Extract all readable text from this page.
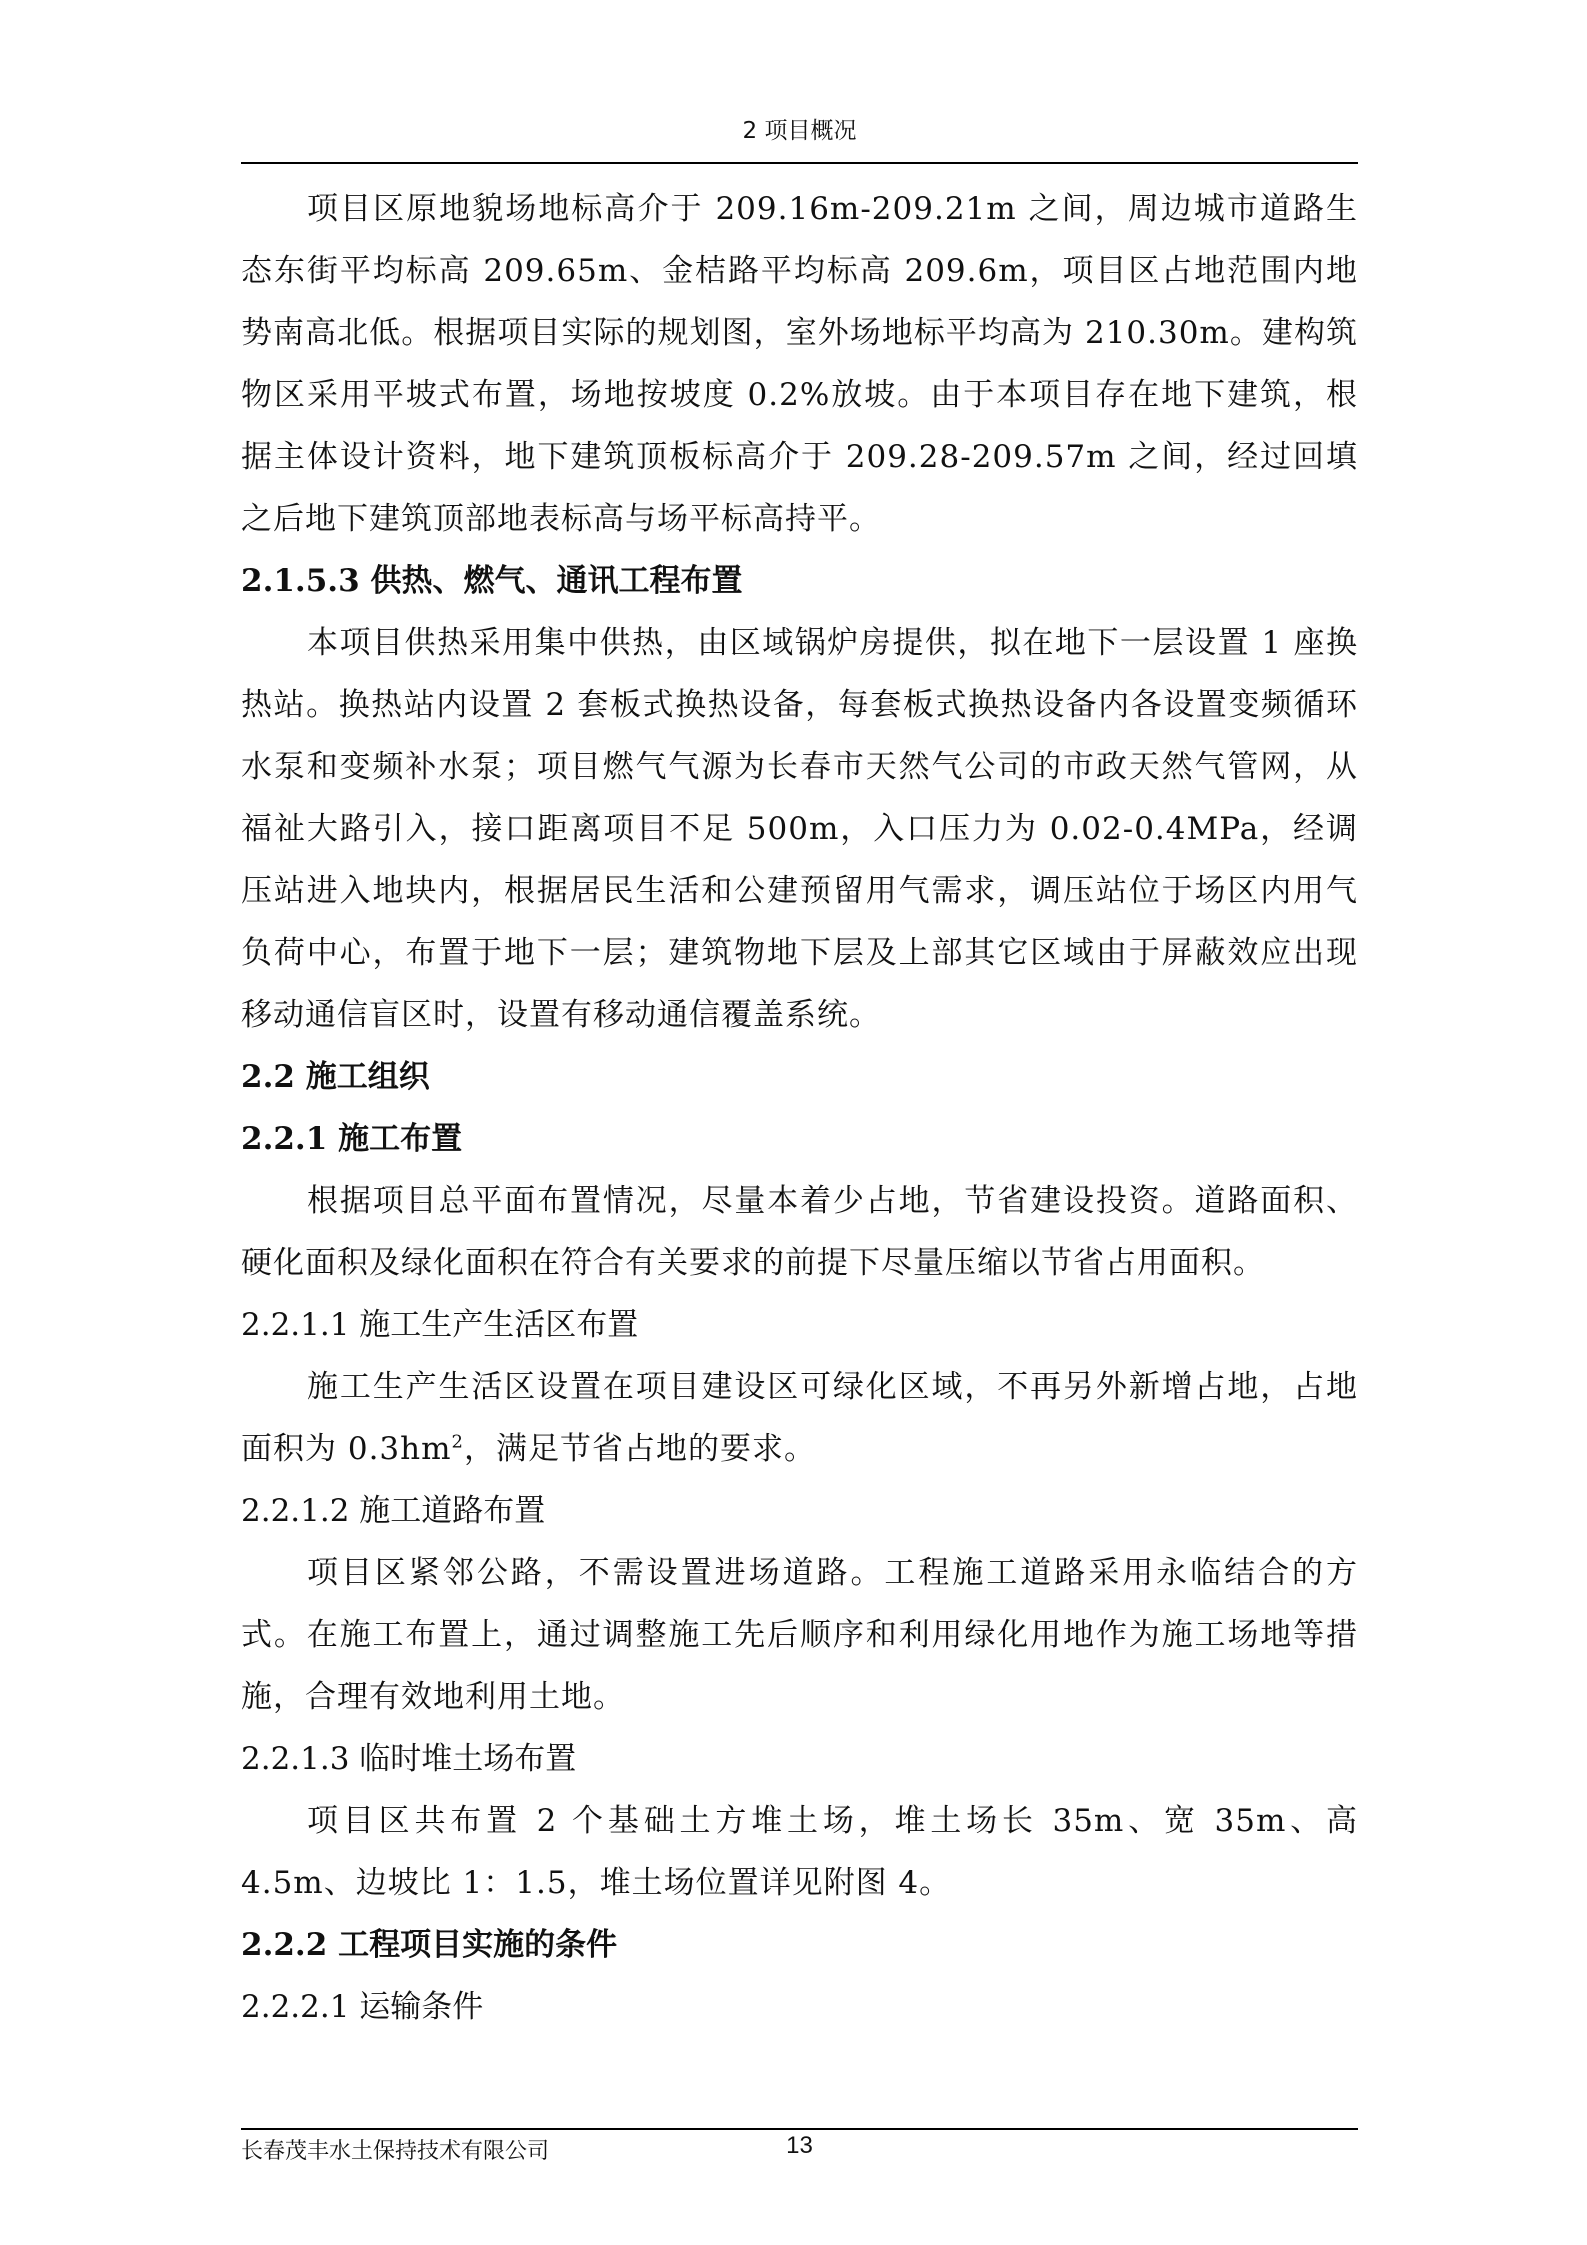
2 项目概况

项目区原地貌场地标高介于 209.16m-209.21m 之间，周边城市道路生态东街平均标高 209.65m、金桔路平均标高 209.6m，项目区占地范围内地势南高北低。根据项目实际的规划图，室外场地标平均高为 210.30m。建构筑物区采用平坡式布置，场地按坡度 0.2%放坡。由于本项目存在地下建筑，根据主体设计资料，地下建筑顶板标高介于 209.28-209.57m 之间，经过回填之后地下建筑顶部地表标高与场平标高持平。

2.1.5.3 供热、燃气、通讯工程布置

本项目供热采用集中供热，由区域锅炉房提供，拟在地下一层设置 1 座换热站。换热站内设置 2 套板式换热设备，每套板式换热设备内各设置变频循环水泵和变频补水泵；项目燃气气源为长春市天然气公司的市政天然气管网，从福祉大路引入，接口距离项目不足 500m，入口压力为 0.02-0.4MPa，经调压站进入地块内，根据居民生活和公建预留用气需求，调压站位于场区内用气负荷中心，布置于地下一层；建筑物地下层及上部其它区域由于屏蔽效应出现移动通信盲区时，设置有移动通信覆盖系统。

2.2 施工组织

2.2.1 施工布置

根据项目总平面布置情况，尽量本着少占地，节省建设投资。道路面积、硬化面积及绿化面积在符合有关要求的前提下尽量压缩以节省占用面积。

2.2.1.1 施工生产生活区布置

施工生产生活区设置在项目建设区可绿化区域，不再另外新增占地，占地面积为 $0.3hm^2$，满足节省占地的要求。

2.2.1.2 施工道路布置

项目区紧邻公路，不需设置进场道路。工程施工道路采用永临结合的方式。在施工布置上，通过调整施工先后顺序和利用绿化用地作为施工场地等措施，合理有效地利用土地。

2.2.1.3 临时堆土场布置

项目区共布置 2 个基础土方堆土场，堆土场长 35m、宽 35m、高 4.5m、边坡比 1：1.5，堆土场位置详见附图 4。

2.2.2 工程项目实施的条件

2.2.2.1 运输条件

长春茂丰水土保持技术有限公司	13
